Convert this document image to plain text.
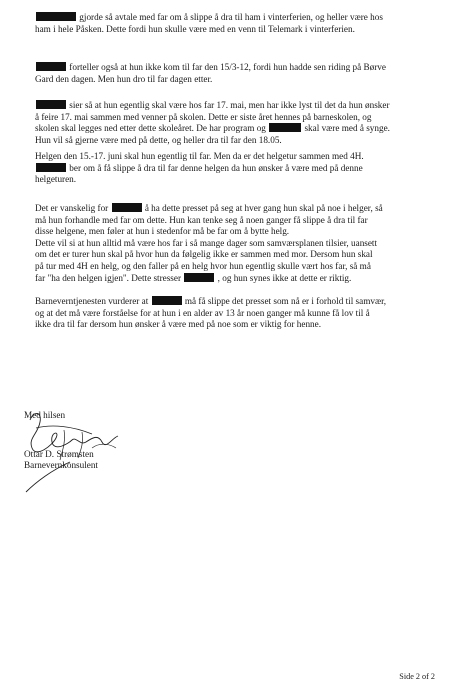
gjorde så avtale med far om å slippe å dra til ham i vinterferien, og heller være hos
ham i hele Påsken. Dette fordi hun skulle være med en venn til Telemark i vinterferien.

forteller også at hun ikke kom til far den 15/3-12, fordi hun hadde sen riding på Børve
Gard den dagen. Men hun dro til far dagen etter.

sier så at hun egentlig skal være hos far 17. mai, men har ikke lyst til det da hun ønsker
å feire 17. mai sammen med venner på skolen. Dette er siste året hennes på barneskolen, og
skolen skal legges ned etter dette skoleåret. De har program og	skal være med å synge.
Hun vil så gjerne være med på dette, og heller dra til far den 18.05.

Helgen den 15.-17. juni skal hun egentlig til far. Men da er det helgetur sammen med 4H.
ber om å få slippe å dra til far denne helgen da hun ønsker å være med på denne
helgeturen.

Det er vanskelig for	å ha dette presset på seg at hver gang hun skal på noe i helger, så
må hun forhandle med far om dette. Hun kan tenke seg å noen ganger få slippe å dra til far
disse helgene, men føler at hun i stedenfor må be far om å bytte helg.
Dette vil si at hun alltid må være hos far i så mange dager som samværsplanen tilsier, uansett
om det er turer hun skal på hvor hun da følgelig ikke er sammen med mor. Dersom hun skal
på tur med 4H en helg, og den faller på en helg hvor hun egentlig skulle vært hos far, så må
far "ha den helgen igjen". Dette stresser	, og hun synes ikke at dette er riktig.

Barneverntjenesten vurderer at	må få slippe det presset som nå er i forhold til samvær,
og at det må være forståelse for at hun i en alder av 13 år noen ganger må kunne få lov til å
ikke dra til far dersom hun ønsker å være med på noe som er viktig for henne.

Med hilsen
Ottar D. Strømsten
Barnevernkonsulent
Side 2 of 2
